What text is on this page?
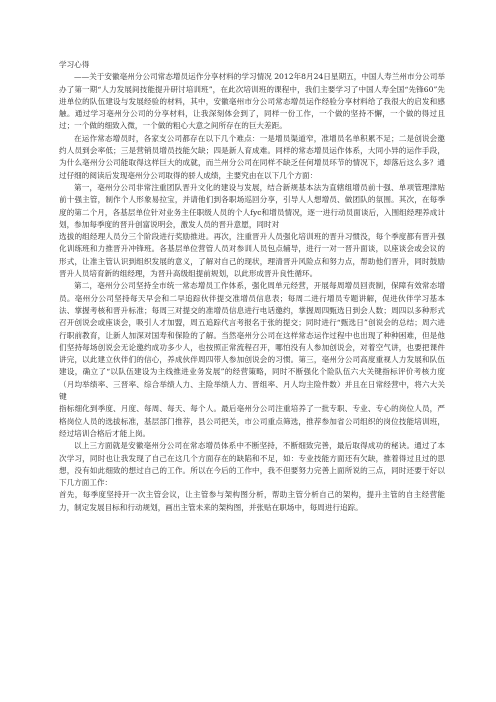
学习心得

——关于安徽亳州分公司常态增员运作分享材料的学习情况 2012年8月24日星期五，中国人寿兰州市分公司举办了第一期“人力发展间技能提升研讨培训班”，在此次培训班的课程中，我们主要学习了中国人寿全国“先锋60”先进单位的队伍建设与发展经验的材料，其中，安徽亳州市分公司常态增员运作经验分享材料给了我很大的启发和感触。通过学习亳州分公司的分享材料，让我深刻体会到了，同样一份工作，一个做的坚持不懈，一个做的得过且过；一个做的细致入微，一个做的粗心大意之间所存在的巨大差距。

在运作常态增员时，各家支公司都存在以下几个难点：一是增员渠道窄，准增员名单积累不足；二是创说会邀约人员到会率低；三是营销员增员技能欠缺；四是新人育成难。同样的常态增员运作体系，大同小异的运作手段，为什么亳州分公司能取得这样巨大的成就，而兰州分公司在同样不缺乏任何增员环节的情况下，却落后这么多？通过仔细的阅读后发现亳州分公司取得的骄人成绩，主要究由在以下几个方面：

第一，亳州分公司非常注重团队晋升文化的建设与发展，结合新规基本法为直辖组增员前十强、单项管理津贴前十强主管，制作个人形象易拉宝，并请他们到各职场巡回分享，引导人人想增员、做团队的氛围。其次，在每季度的第二个月，各基层单位针对业务主任职级人员的个人fyc和增员情况，逐一进行动员面谈后，入围组经理养成计划，参加每季度的晋升创富说明会，激发人员的晋升意愿，同时对

选拔的组经理人员分三个阶段进行奖励推进。再次，注重晋升人员强化培训班的晋升习惯没，每个季度都有晋升强化训练班和力推晋升冲锋班。各基层单位营管人员对参训人员包点辅导，进行一对一晋升面谈，以座谈会或会议的形式，让准主管认识到组织发展的意义，了解对自己的现状，理清晋升风险点和努力点，帮助他们晋升，同时鼓励晋升人员培育新的组经理，为晋升高级组提前规划，以此形成晋升良性循环。

第二，亳州分公司坚持全市统一常态增员工作体系，强化周单元经营，开展每周增员回责制，保障有效常态增员。亳州分公司坚持每天早会和二早追踪伙伴提交准增员信息表；每周二进行增员专题讲解，促进伙伴学习基本法、掌握考核和晋升标准；每周三对提交的准增员信息进行电话邀约，掌握周四甄选日到会人数；周四以多种形式召开创说会或座谈会，吸引人才加盟，周五追踪代言考报名于张的提交；同时进行“甄选日”创说会的总结；周六进行职前教育，让新人加深对国寿和保险的了解。当然亳州分公司在这样常态运作过程中也出现了种种困难，但是他们坚持每场创说会无论邀约成功多少人，也按照正常流程召开，哪怕没有人参加创说会，对着空气讲，也要把课件讲完，以此建立伙伴们的信心，养成伙伴周四带人参加创说会的习惯。第三，亳州分公司高度重视人力发展和队伍建设，确立了“以队伍建设为主线推进业务发展”的经营策略，同时不断强化个险队伍六大关键指标评价考核力度（月均举绩率、三晋率、综合举绩人力、主险举绩人力、晋组率、月人均主险件数）并且在日常经营中，将六大关键

指标细化到季度、月度、每周、每天、每个人。最后亳州分公司注重培养了一批专职、专业、专心的岗位人员，严格岗位人员的选拔标准，基层部门推荐，县公司把关，市公司重点筛选，推荐参加省公司组织的岗位技能培训班，经过培训合格后才能上岗。

以上三方面就是安徽亳州分公司在常态增员体系中不断坚持，不断细致完善，最后取得成功的秘诀。通过了本次学习，同时也让我发现了自己在这几个方面存在的缺陷和不足，如：专业技能方面还有欠缺，推着得过且过的思想，没有如此细致的想过自己的工作。所以在今后的工作中，我不但要努力完善上面所说的三点，同时还要于好以下几方面工作：

首先，每季度坚持开一次主管会议，让主管参与架构图分析，帮助主管分析自己的架构，提升主管的自主经营能力，制定发展目标和行动规划，画出主管未来的架构图，并张贴在职场中，每周进行追踪。
